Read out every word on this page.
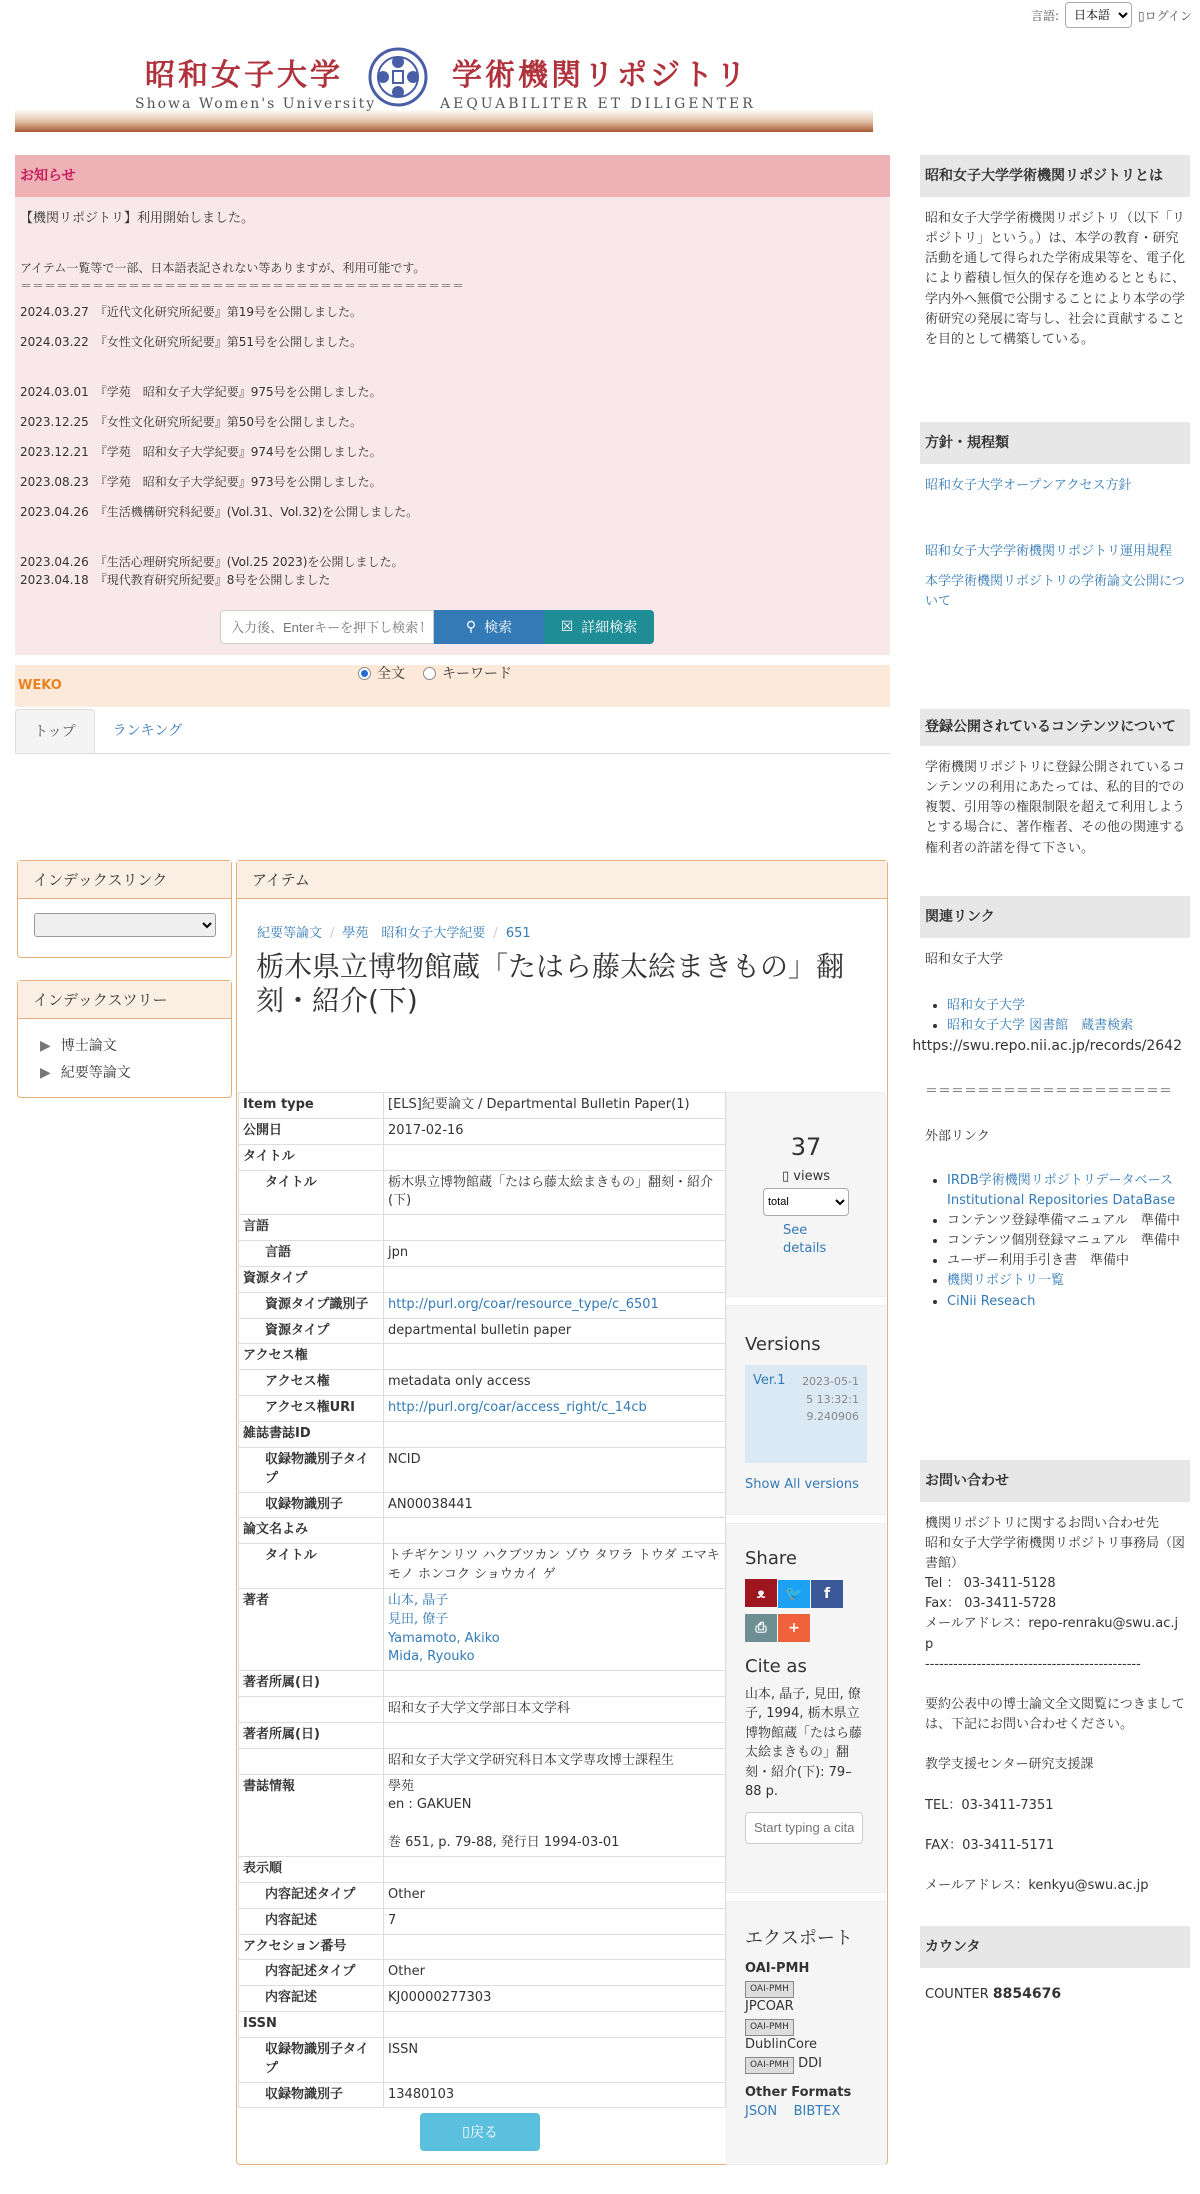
言語:
日本語	▯ログイン
昭和女子大学	学術機関リポジトリ
Showa Women's University	AEQUABILITER ET DILIGENTER
お知らせ

【機関リポジトリ】利用開始しました。

アイテム一覧等で一部、日本語表記されない等ありますが、利用可能です。

＝＝＝＝＝＝＝＝＝＝＝＝＝＝＝＝＝＝＝＝＝＝＝＝＝＝＝＝＝＝＝＝＝＝＝＝＝

2024.03.27　『近代文化研究所紀要』第19号を公開しました。

2024.03.22　『女性文化研究所紀要』第51号を公開しました。

2024.03.01　『学苑　昭和女子大学紀要』975号を公開しました。

2023.12.25　『女性文化研究所紀要』第50号を公開しました。

2023.12.21　『学苑　昭和女子大学紀要』974号を公開しました。

2023.08.23　『学苑　昭和女子大学紀要』973号を公開しました。

2023.04.26　『生活機構研究科紀要』(Vol.31、Vol.32)を公開しました。

2023.04.26　『生活心理研究所紀要』(Vol.25 2023)を公開しました。

2023.04.18　『現代教育研究所紀要』8号を公開しました

WEKO
トップ	ランキング
入力後、Enterキーを押下し検索してください
⚲ 検索	☒ 詳細検索
全文	キーワード
インデックスリンク
インデックスツリー
▶ 博士論文
▶ 紀要等論文
アイテム
紀要等論文 / 學苑　昭和女子大学紀要 / 651
栃木県立博物館蔵「たはら藤太絵まきもの」翻刻・紹介(下)
https://swu.repo.nii.ac.jp/records/2642
Item type	[ELS]紀要論文 / Departmental Bulletin Paper(1)
公開日	2017-02-16
タイトル	
タイトル	栃木県立博物館蔵「たはら藤太絵まきもの」翻刻・紹介(下)
言語	
言語	jpn
資源タイプ	
資源タイプ識別子	http://purl.org/coar/resource_type/c_6501
資源タイプ	departmental bulletin paper
アクセス権	
アクセス権	metadata only access
アクセス権URI	http://purl.org/coar/access_right/c_14cb
雑誌書誌ID	
収録物識別子タイプ	NCID
収録物識別子	AN00038441
論文名よみ	
タイトル	トチギケンリツ ハクブツカン ゾウ タワラ トウダ エマキモノ ホンコク ショウカイ ゲ
著者	山本, 晶子
見田, 僚子
Yamamoto, Akiko
Mida, Ryouko
著者所属(日)	
	昭和女子大学文学部日本文学科
著者所属(日)	
	昭和女子大学文学研究科日本文学専攻博士課程生
書誌情報	學苑
en : GAKUEN

巻 651, p. 79-88, 発行日 1994-03-01
表示順	
内容記述タイプ	Other
内容記述	7
アクセション番号	
内容記述タイプ	Other
内容記述	KJ00000277303
ISSN	
収録物識別子タイプ	ISSN
収録物識別子	13480103
37
▯ views
total
See details
Versions
Ver.1 2023-05-15 13:32:19.240906
Show All versions
Share
ᴥ 🐦 f
⎙ +
Cite as
山本, 晶子, 見田, 僚子, 1994, 栃木県立博物館蔵「たはら藤太絵まきもの」翻刻・紹介(下): 79–88 p.
Start typing a citation style...
エクスポート
OAI-PMH
OAI-PMH
JPCOAR
OAI-PMH
DublinCore
OAI-PMH DDI
Other Formats
JSON BIBTEX
▯ 戻る
昭和女子大学学術機関リポジトリとは
昭和女子大学学術機関リポジトリ（以下「リポジトリ」という。）は、本学の教育・研究活動を通して得られた学術成果等を、電子化により蓄積し恒久的保存を進めるとともに、学内外へ無償で公開することにより本学の学術研究の発展に寄与し、社会に貢献することを目的として構築している。
方針・規程類
昭和女子大学オープンアクセス方針
昭和女子大学学術機関リポジトリ運用規程
本学学術機関リポジトリの学術論文公開について
登録公開されているコンテンツについて
学術機関リポジトリに登録公開されているコンテンツの利用にあたっては、私的目的での複製、引用等の権限制限を超えて利用しようとする場合に、著作権者、その他の関連する権利者の許諾を得て下さい。
関連リンク
昭和女子大学
• 昭和女子大学
• 昭和女子大学 図書館　蔵書検索
＝＝＝＝＝＝＝＝＝＝＝＝＝＝＝＝＝＝＝
外部リンク
• IRDB学術機関リポジトリデータベース Institutional Repositories DataBase
• コンテンツ登録準備マニュアル　準備中
• コンテンツ個別登録マニュアル　準備中
• ユーザー利用手引き書　準備中
• 機関リポジトリ一覧
• CiNii Reseach
お問い合わせ
機関リポジトリに関するお問い合わせ先
昭和女子大学学術機関リポジトリ事務局（図書館）
Tel ： 03-3411-5128
Fax： 03-3411-5728
メールアドレス：repo-renraku@swu.ac.jp
----------------------------------------------

要約公表中の博士論文全文閲覧につきましては、下記にお問い合わせください。

教学支援センター研究支援課

TEL：03-3411-7351

FAX：03-3411-5171

メールアドレス：kenkyu@swu.ac.jp
カウンタ
COUNTER 8854676
